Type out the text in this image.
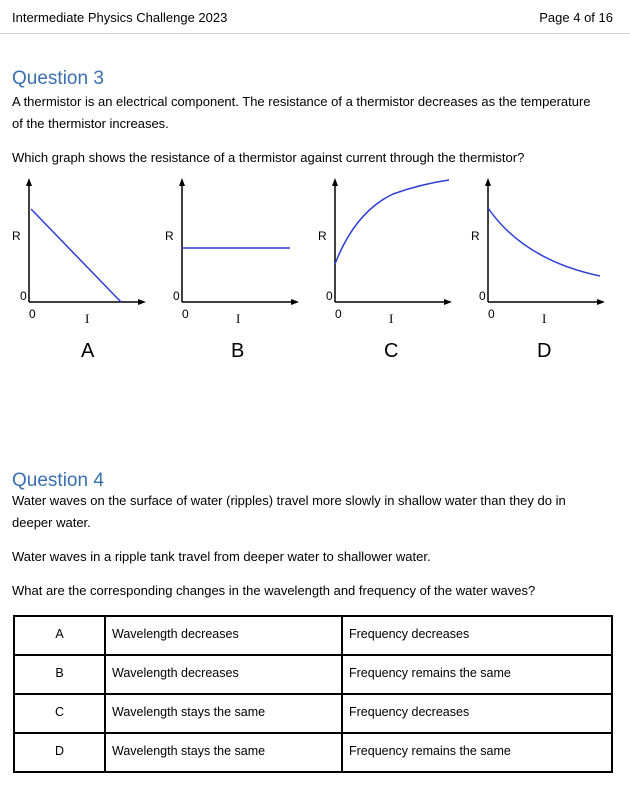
Intermediate Physics Challenge 2023	Page 4 of 16
Question 3
A thermistor is an electrical component. The resistance of a thermistor decreases as the temperature of the thermistor increases.
Which graph shows the resistance of a thermistor against current through the thermistor?
R
0
0	I
A
R
0
0	I
B
R
0
0	I
C
R
0
0	I
D
Question 4
Water waves on the surface of water (ripples) travel more slowly in shallow water than they do in deeper water.
Water waves in a ripple tank travel from deeper water to shallower water.
What are the corresponding changes in the wavelength and frequency of the water waves?
A	Wavelength decreases	Frequency decreases
B	Wavelength decreases	Frequency remains the same
C	Wavelength stays the same	Frequency decreases
D	Wavelength stays the same	Frequency remains the same
